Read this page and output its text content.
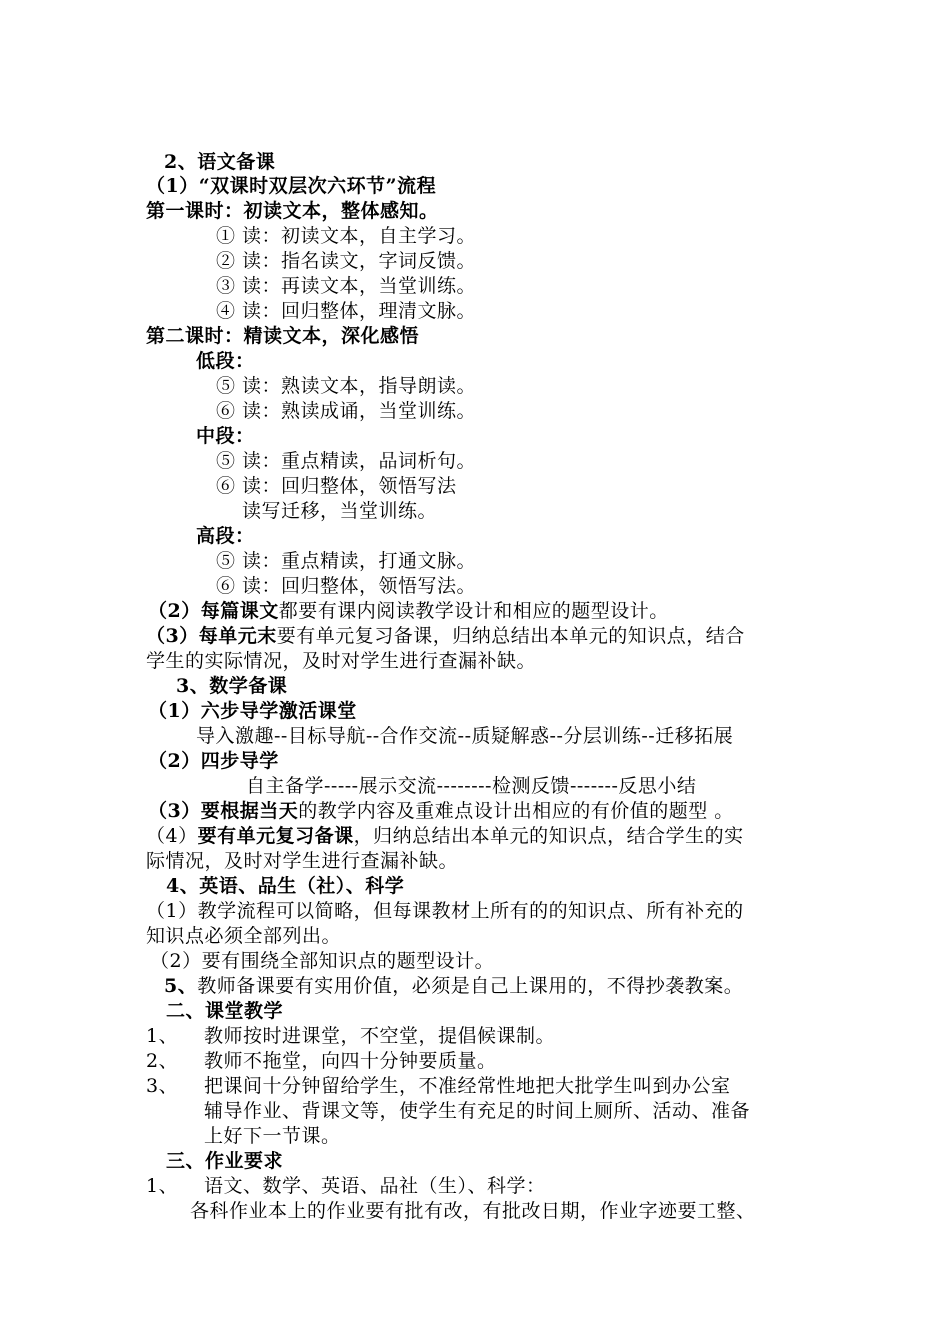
2、语文备课
（1）“双课时双层次六环节”流程
第一课时：初读文本，整体感知。
① 读：初读文本，自主学习。
② 读：指名读文，字词反馈。
③ 读：再读文本，当堂训练。
④ 读：回归整体，理清文脉。
第二课时：精读文本，深化感悟
低段：
⑤ 读：熟读文本，指导朗读。
⑥ 读：熟读成诵，当堂训练。
中段：
⑤ 读：重点精读，品词析句。
⑥ 读：回归整体，领悟写法
读写迁移，当堂训练。
高段：
⑤ 读：重点精读，打通文脉。
⑥ 读：回归整体，领悟写法。
（2）每篇课文都要有课内阅读教学设计和相应的题型设计。
（3）每单元末要有单元复习备课，归纳总结出本单元的知识点，结合
学生的实际情况，及时对学生进行查漏补缺。
3、数学备课
（1）六步导学激活课堂
导入激趣--目标导航--合作交流--质疑解惑--分层训练--迁移拓展
（2）四步导学
自主备学-----展示交流--------检测反馈-------反思小结
（3）要根据当天的教学内容及重难点设计出相应的有价值的题型 。
（4）要有单元复习备课，归纳总结出本单元的知识点，结合学生的实
际情况，及时对学生进行查漏补缺。
4、英语、品生（社）、科学
（1）教学流程可以简略，但每课教材上所有的的知识点、所有补充的
知识点必须全部列出。
（2）要有围绕全部知识点的题型设计。
5、教师备课要有实用价值，必须是自己上课用的，不得抄袭教案。
二、课堂教学
1、 教师按时进课堂，不空堂，提倡候课制。
2、 教师不拖堂，向四十分钟要质量。
3、 把课间十分钟留给学生，不准经常性地把大批学生叫到办公室
辅导作业、背课文等，使学生有充足的时间上厕所、活动、准备
上好下一节课。
三、作业要求
1、 语文、数学、英语、品社（生）、科学：
各科作业本上的作业要有批有改，有批改日期，作业字迹要工整、
